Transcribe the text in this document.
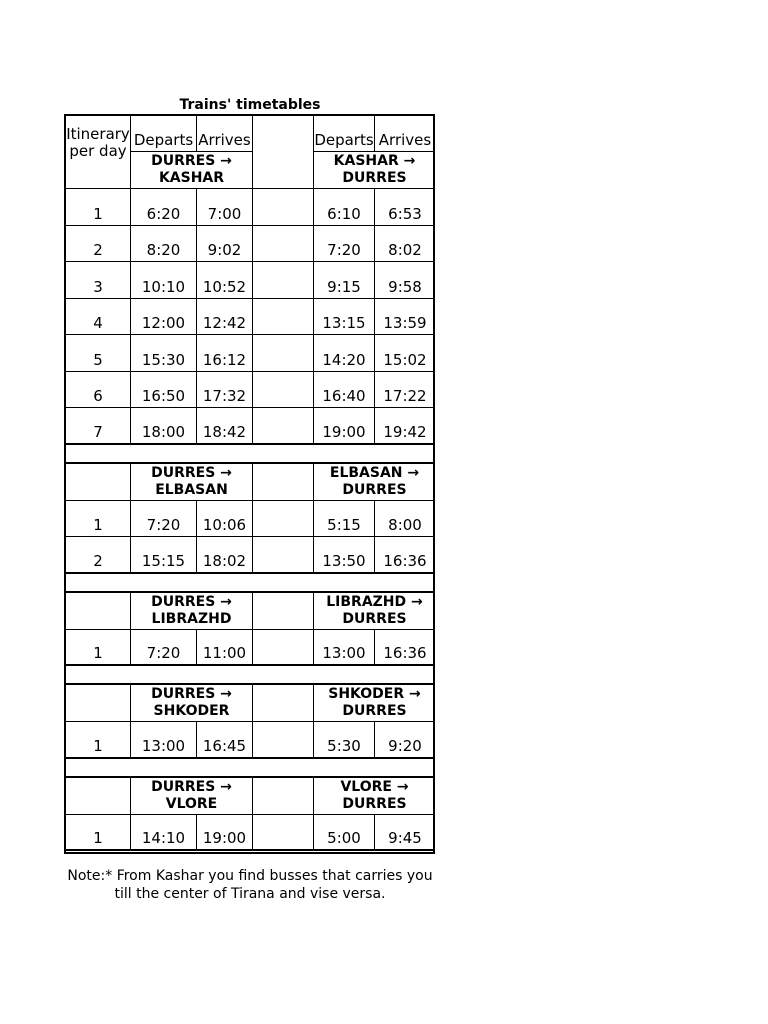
Trains' timetables
Itinerary per day
Departs Arrives	Departs Arrives
DURRES →
KASHAR
KASHAR →
DURRES
1	6:20	7:00	6:10	6:53
2	8:20	9:02	7:20	8:02
3	10:10	10:52	9:15	9:58
4	12:00	12:42	13:15	13:59
5	15:30	16:12	14:20	15:02
6	16:50	17:32	16:40	17:22
7	18:00	18:42	19:00	19:42
DURRES →
ELBASAN
ELBASAN →
DURRES
1	7:20	10:06	5:15	8:00
2	15:15	18:02	13:50	16:36
DURRES →
LIBRAZHD
LIBRAZHD →
DURRES
1	7:20	11:00	13:00	16:36
DURRES →
SHKODER
SHKODER →
DURRES
1	13:00	16:45	5:30	9:20
DURRES →
VLORE
VLORE →
DURRES
1	14:10	19:00	5:00	9:45
Note:* From Kashar you find busses that carries you till the center of Tirana and vise versa.
